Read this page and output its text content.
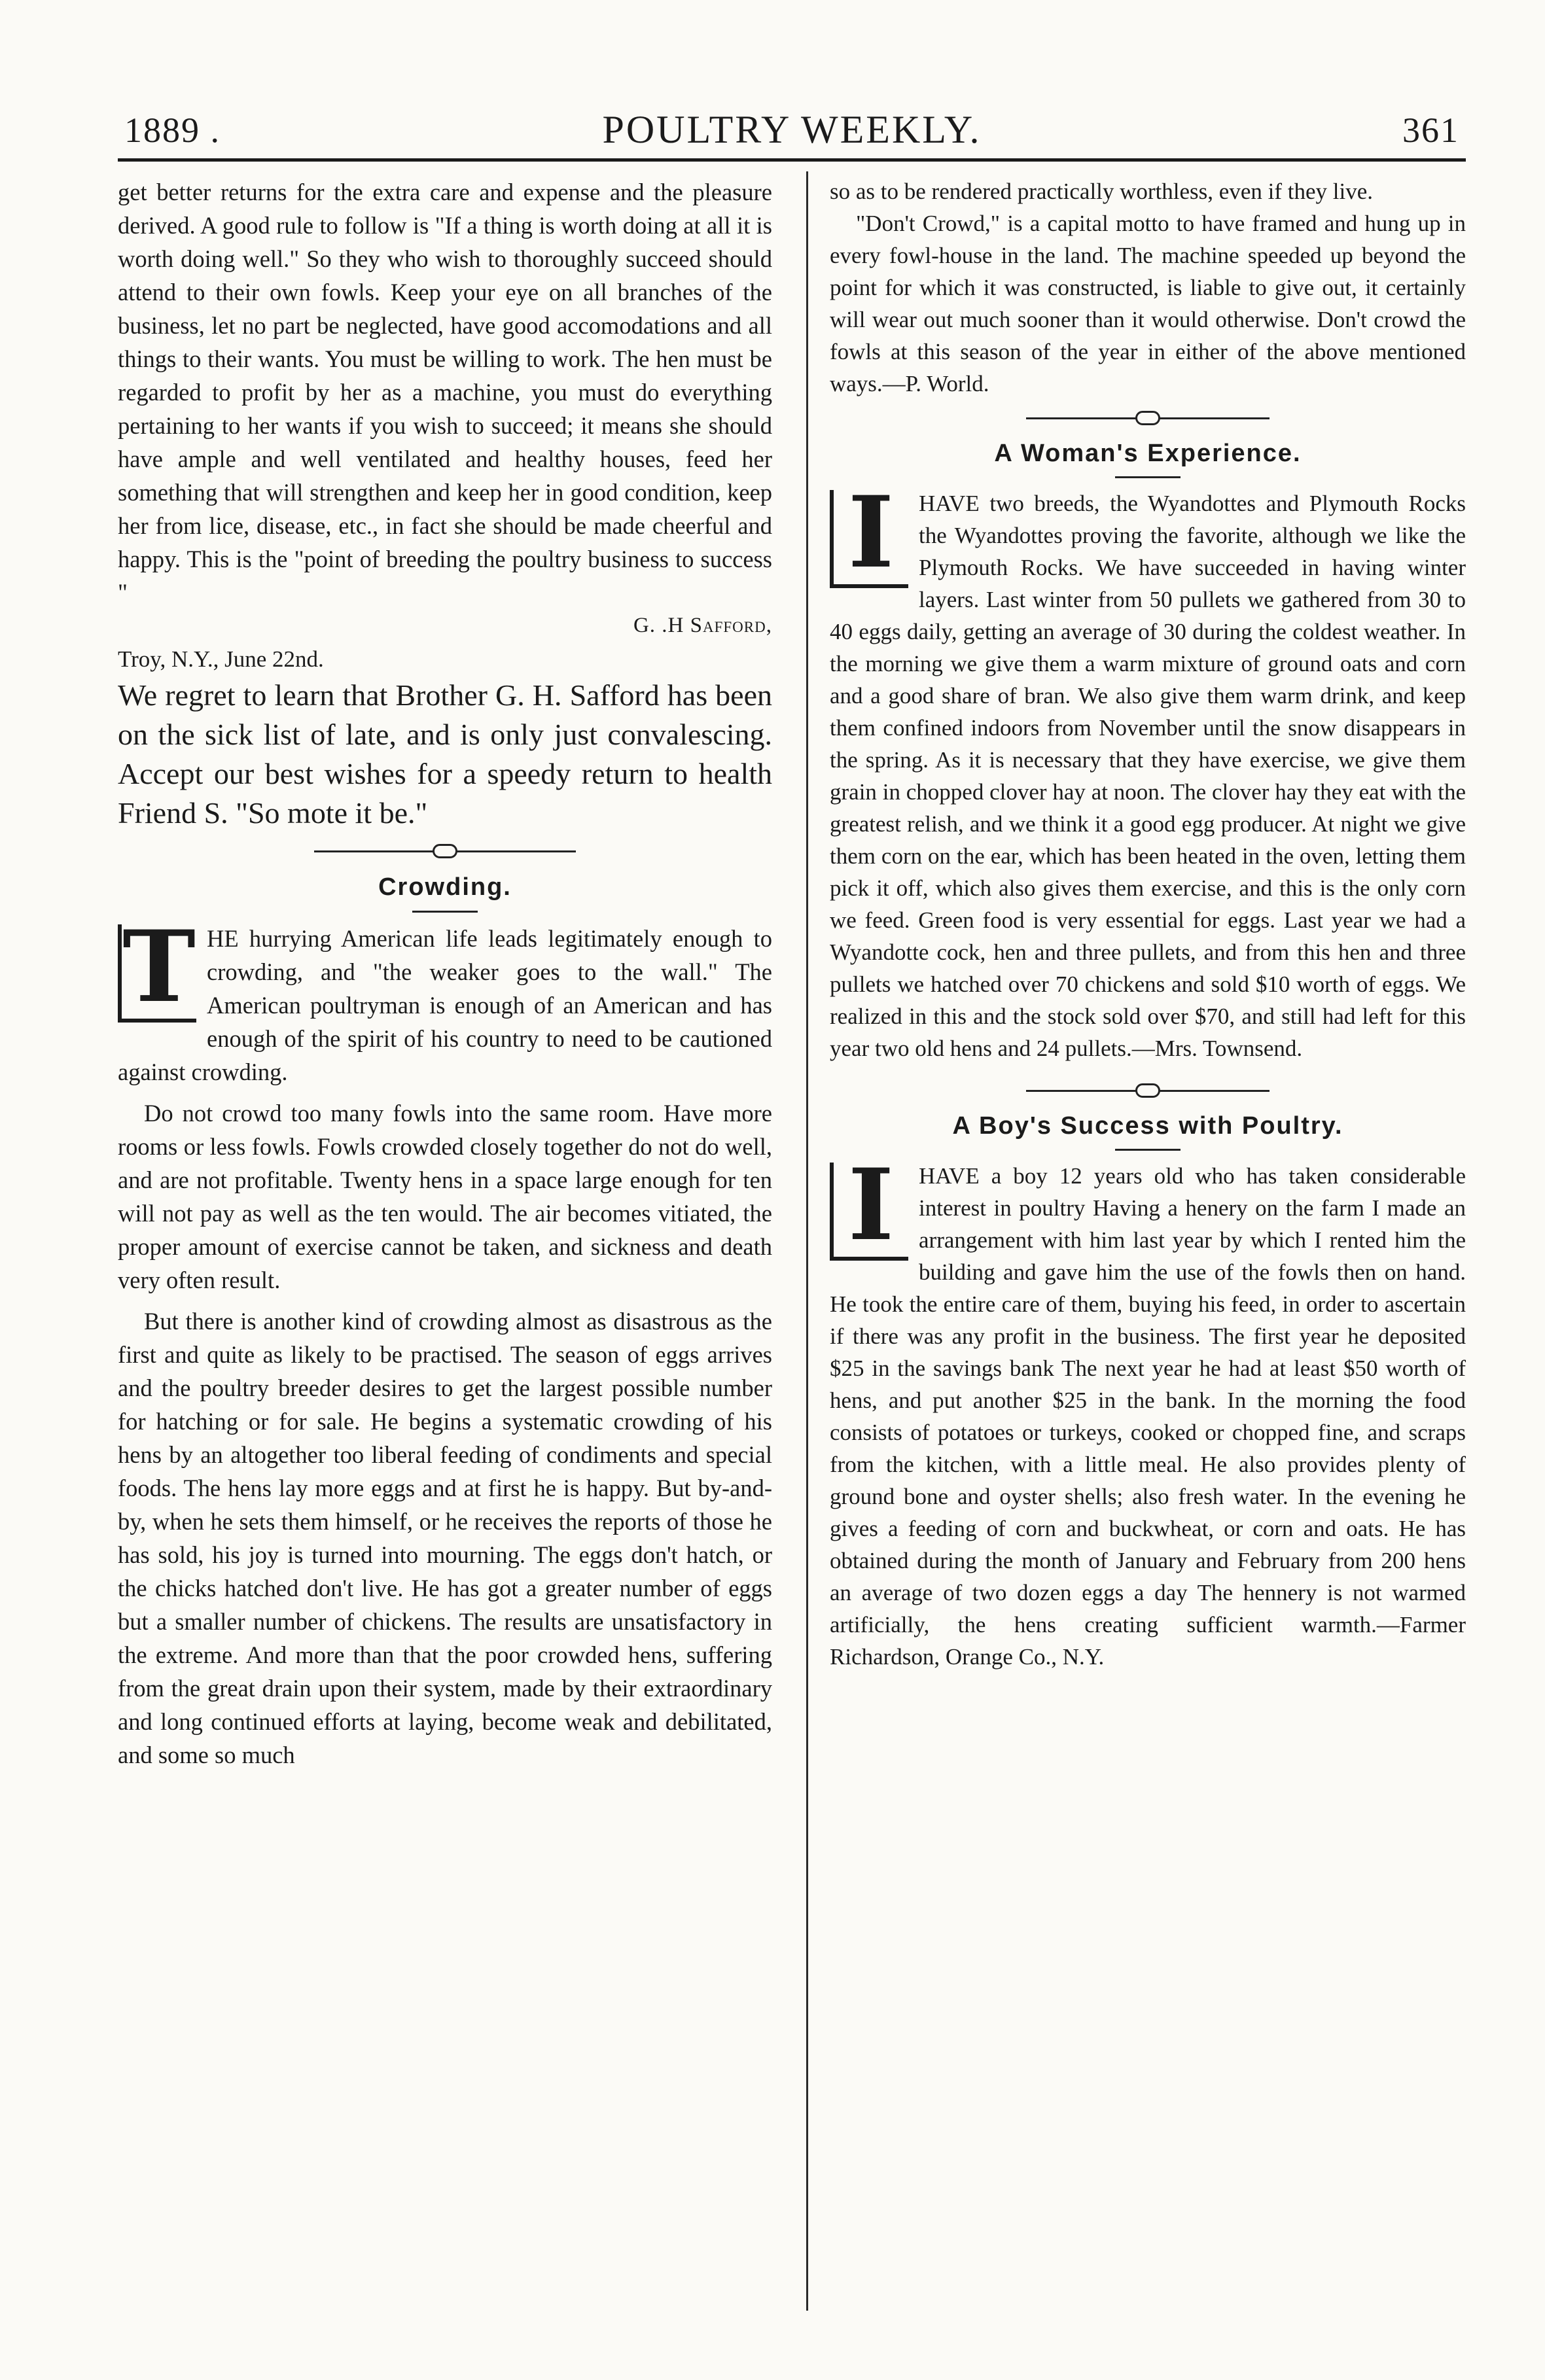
1889 .	POULTRY WEEKLY.	361

get better returns for the extra care and expense and the pleasure derived. A good rule to follow is "If a thing is worth doing at all it is worth doing well." So they who wish to thoroughly succeed should attend to their own fowls. Keep your eye on all branches of the business, let no part be neglected, have good accomodations and all things to their wants. You must be willing to work. The hen must be regarded to profit by her as a machine, you must do everything pertaining to her wants if you wish to succeed; it means she should have ample and well ventilated and healthy houses, feed her something that will strengthen and keep her in good condition, keep her from lice, disease, etc., in fact she should be made cheerful and happy. This is the "point of breeding the poultry business to success "

G. .H Safford,

Troy, N.Y., June 22nd.

We regret to learn that Brother G. H. Safford has been on the sick list of late, and is only just convalescing. Accept our best wishes for a speedy return to health Friend S. "So mote it be."

Crowding.

T HE hurrying American life leads legitimately enough to crowding, and "the weaker goes to the wall." The American poultryman is enough of an American and has enough of the spirit of his country to need to be cautioned against crowding.

Do not crowd too many fowls into the same room. Have more rooms or less fowls. Fowls crowded closely together do not do well, and are not profitable. Twenty hens in a space large enough for ten will not pay as well as the ten would. The air becomes vitiated, the proper amount of exercise cannot be taken, and sickness and death very often result.

But there is another kind of crowding almost as disastrous as the first and quite as likely to be practised. The season of eggs arrives and the poultry breeder desires to get the largest possible number for hatching or for sale. He begins a systematic crowding of his hens by an altogether too liberal feeding of condiments and special foods. The hens lay more eggs and at first he is happy. But by-and-by, when he sets them himself, or he receives the reports of those he has sold, his joy is turned into mourning. The eggs don't hatch, or the chicks hatched don't live. He has got a greater number of eggs but a smaller number of chickens. The results are unsatisfactory in the extreme. And more than that the poor crowded hens, suffering from the great drain upon their system, made by their extraordinary and long continued efforts at laying, become weak and debilitated, and some so much

so as to be rendered practically worthless, even if they live.

"Don't Crowd," is a capital motto to have framed and hung up in every fowl-house in the land. The machine speeded up beyond the point for which it was constructed, is liable to give out, it certainly will wear out much sooner than it would otherwise. Don't crowd the fowls at this season of the year in either of the above mentioned ways.—P. World.

A Woman's Experience.

I	HAVE two breeds, the Wyandottes and Plymouth Rocks the Wyandottes proving the favorite, although we like the Plymouth Rocks. We have succeeded in having winter layers. Last winter from 50 pullets we gathered from 30 to 40 eggs daily, getting an average of 30 during the coldest weather. In the morning we give them a warm mixture of ground oats and corn and a good share of bran. We also give them warm drink, and keep them confined indoors from November until the snow disappears in the spring. As it is necessary that they have exercise, we give them grain in chopped clover hay at noon. The clover hay they eat with the greatest relish, and we think it a good egg producer. At night we give them corn on the ear, which has been heated in the oven, letting them pick it off, which also gives them exercise, and this is the only corn we feed. Green food is very essential for eggs. Last year we had a Wyandotte cock, hen and three pullets, and from this hen and three pullets we hatched over 70 chickens and sold $10 worth of eggs. We realized in this and the stock sold over $70, and still had left for this year two old hens and 24 pullets.—Mrs. Townsend.

A Boy's Success with Poultry.

I	HAVE a boy 12 years old who has taken considerable interest in poultry Having a henery on the farm I made an arrangement with him last year by which I rented him the building and gave him the use of the fowls then on hand. He took the entire care of them, buying his feed, in order to ascertain if there was any profit in the business. The first year he deposited $25 in the savings bank The next year he had at least $50 worth of hens, and put another $25 in the bank. In the morning the food consists of potatoes or turkeys, cooked or chopped fine, and scraps from the kitchen, with a little meal. He also provides plenty of ground bone and oyster shells; also fresh water. In the evening he gives a feeding of corn and buckwheat, or corn and oats. He has obtained during the month of January and February from 200 hens an average of two dozen eggs a day The hennery is not warmed artificially, the hens creating sufficient warmth.—Farmer Richardson, Orange Co., N.Y.
